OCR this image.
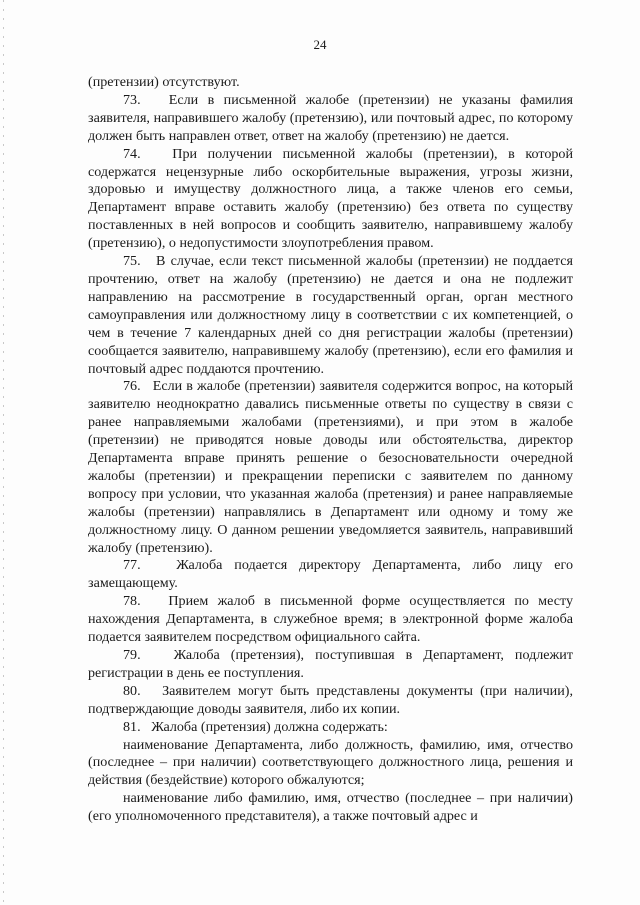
24

(претензии) отсутствуют.

73.   Если в письменной жалобе (претензии) не указаны фамилия заявителя, направившего жалобу (претензию), или почтовый адрес, по которому должен быть направлен ответ, ответ на жалобу (претензию) не дается.

74.   При получении письменной жалобы (претензии), в которой содержатся нецензурные либо оскорбительные выражения, угрозы жизни, здоровью и имуществу должностного лица, а также членов его семьи, Департамент вправе оставить жалобу (претензию) без ответа по существу поставленных в ней вопросов и сообщить заявителю, направившему жалобу (претензию), о недопустимости злоупотребления правом.

75.   В случае, если текст письменной жалобы (претензии) не поддается прочтению, ответ на жалобу (претензию) не дается и она не подлежит направлению на рассмотрение в государственный орган, орган местного самоуправления или должностному лицу в соответствии с их компетенцией, о чем в течение 7 календарных дней со дня регистрации жалобы (претензии) сообщается заявителю, направившему жалобу (претензию), если его фамилия и почтовый адрес поддаются прочтению.

76.   Если в жалобе (претензии) заявителя содержится вопрос, на который заявителю неоднократно давались письменные ответы по существу в связи с ранее направляемыми жалобами (претензиями), и при этом в жалобе (претензии) не приводятся новые доводы или обстоятельства, директор Департамента вправе принять решение о безосновательности очередной жалобы (претензии) и прекращении переписки с заявителем по данному вопросу при условии, что указанная жалоба (претензия) и ранее направляемые жалобы (претензии) направлялись в Департамент или одному и тому же должностному лицу. О данном решении уведомляется заявитель, направивший жалобу (претензию).

77.   Жалоба подается директору Департамента, либо лицу его замещающему.

78.   Прием жалоб в письменной форме осуществляется по месту нахождения Департамента, в служебное время; в электронной форме жалоба подается заявителем посредством официального сайта.

79.   Жалоба (претензия), поступившая в Департамент, подлежит регистрации в день ее поступления.

80.   Заявителем могут быть представлены документы (при наличии), подтверждающие доводы заявителя, либо их копии.

81.   Жалоба (претензия) должна содержать:

наименование Департамента, либо должность, фамилию, имя, отчество (последнее – при наличии) соответствующего должностного лица, решения и действия (бездействие) которого обжалуются;

наименование либо фамилию, имя, отчество (последнее – при наличии) (его уполномоченного представителя), а также почтовый адрес и
